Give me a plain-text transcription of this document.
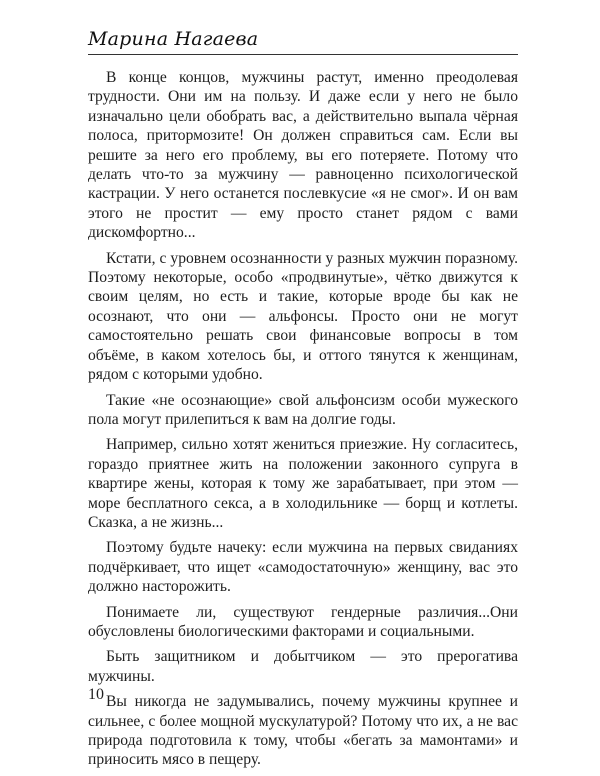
Марина Нагаева

В конце концов, мужчины растут, именно преодолевая трудности. Они им на пользу. И даже если у него не было изначально цели обобрать вас, а действительно выпала чёрная полоса, притормозите! Он должен справиться сам. Если вы решите за него его проблему, вы его потеряете. Потому что делать что-то за мужчину — равноценно психологической кастрации. У него останется послевкусие «я не смог». И он вам этого не простит — ему просто станет рядом с вами дискомфортно...

Кстати, с уровнем осознанности у разных мужчин поразному. Поэтому некоторые, особо «продвинутые», чётко движутся к своим целям, но есть и такие, которые вроде бы как не осознают, что они — альфонсы. Просто они не могут самостоятельно решать свои финансовые вопросы в том объёме, в каком хотелось бы, и оттого тянутся к женщинам, рядом с которыми удобно.

Такие «не осознающие» свой альфонсизм особи мужеского пола могут прилепиться к вам на долгие годы.

Например, сильно хотят жениться приезжие. Ну согласитесь, гораздо приятнее жить на положении законного супруга в квартире жены, которая к тому же зарабатывает, при этом — море бесплатного секса, а в холодильнике — борщ и котлеты. Сказка, а не жизнь...

Поэтому будьте начеку: если мужчина на первых свиданиях подчёркивает, что ищет «самодостаточную» женщину, вас это должно насторожить.

Понимаете ли, существуют гендерные различия...Они обусловлены биологическими факторами и социальными.

Быть защитником и добытчиком — это прерогатива мужчины.

Вы никогда не задумывались, почему мужчины крупнее и сильнее, с более мощной мускулатурой? Потому что их, а не вас природа подготовила к тому, чтобы «бегать за мамонтами» и приносить мясо в пещеру.

10
